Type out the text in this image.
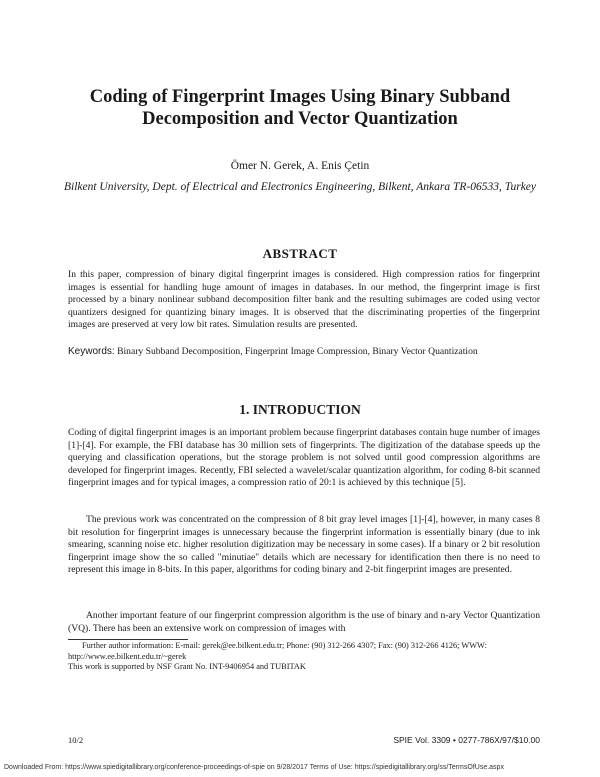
Coding of Fingerprint Images Using Binary Subband Decomposition and Vector Quantization
Ömer N. Gerek, A. Enis Çetin
Bilkent University, Dept. of Electrical and Electronics Engineering, Bilkent, Ankara TR-06533, Turkey
ABSTRACT
In this paper, compression of binary digital fingerprint images is considered. High compression ratios for fingerprint images is essential for handling huge amount of images in databases. In our method, the fingerprint image is first processed by a binary nonlinear subband decomposition filter bank and the resulting subimages are coded using vector quantizers designed for quantizing binary images. It is observed that the discriminating properties of the fingerprint images are preserved at very low bit rates. Simulation results are presented.
Keywords: Binary Subband Decomposition, Fingerprint Image Compression, Binary Vector Quantization
1. INTRODUCTION
Coding of digital fingerprint images is an important problem because fingerprint databases contain huge number of images [1]-[4]. For example, the FBI database has 30 million sets of fingerprints. The digitization of the database speeds up the querying and classification operations, but the storage problem is not solved until good compression algorithms are developed for fingerprint images. Recently, FBI selected a wavelet/scalar quantization algorithm, for coding 8-bit scanned fingerprint images and for typical images, a compression ratio of 20:1 is achieved by this technique [5].
The previous work was concentrated on the compression of 8 bit gray level images [1]-[4], however, in many cases 8 bit resolution for fingerprint images is unnecessary because the fingerprint information is essentially binary (due to ink smearing, scanning noise etc. higher resolution digitization may be necessary in some cases). If a binary or 2 bit resolution fingerprint image show the so called "minutiae" details which are necessary for identification then there is no need to represent this image in 8-bits. In this paper, algorithms for coding binary and 2-bit fingerprint images are presented.
Another important feature of our fingerprint compression algorithm is the use of binary and n-ary Vector Quantization (VQ). There has been an extensive work on compression of images with
Further author information: E-mail: gerek@ee.bilkent.edu.tr; Phone: (90) 312-266 4307; Fax: (90) 312-266 4126; WWW: http://www.ee.bilkent.edu.tr/~gerek
This work is supported by NSF Grant No. INT-9406954 and TUBITAK
10/2	SPIE Vol. 3309 • 0277-786X/97/$10.00
Downloaded From: https://www.spiedigitallibrary.org/conference-proceedings-of-spie on 9/28/2017 Terms of Use: https://spiedigitallibrary.org/ss/TermsOfUse.aspx
